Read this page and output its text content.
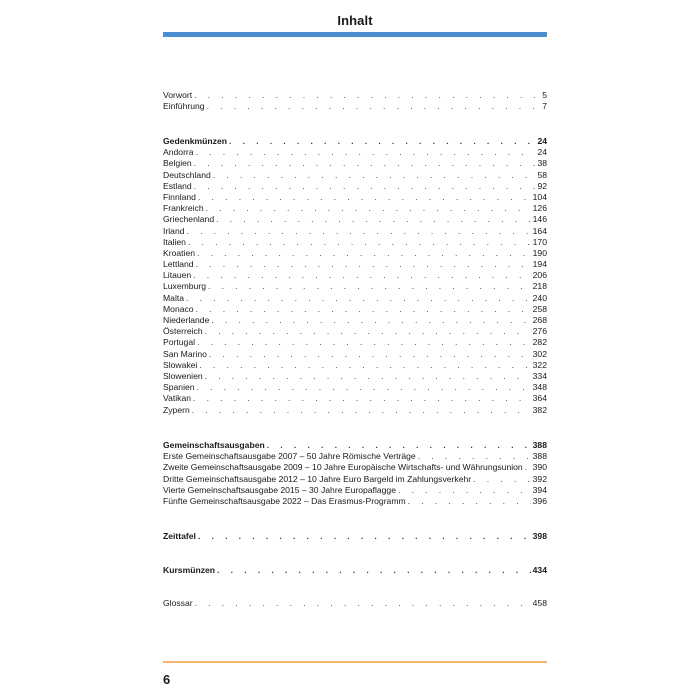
Inhalt
Vorwort . . .	5
Einführung . . .	7
Gedenkmünzen . . .	24
Andorra . . .	24
Belgien . . .	38
Deutschland . . .	58
Estland . . .	92
Finnland . . .	104
Frankreich . . .	126
Griechenland . . .	146
Irland . . .	164
Italien . . .	170
Kroatien . . .	190
Lettland . . .	194
Litauen . . .	206
Luxemburg . . .	218
Malta . . .	240
Monaco . . .	258
Niederlande . . .	268
Österreich . . .	276
Portugal . . .	282
San Marino . . .	302
Slowakei . . .	322
Slowenien . . .	334
Spanien . . .	348
Vatikan . . .	364
Zypern . . .	382
Gemeinschaftsausgaben . . .	388
Erste Gemeinschaftsausgabe 2007 – 50 Jahre Römische Verträge . . .	388
Zweite Gemeinschaftsausgabe 2009 – 10 Jahre Europäische Wirtschafts- und Währungsunion . . . 390
Dritte Gemeinschaftsausgabe 2012 – 10 Jahre Euro Bargeld im Zahlungsverkehr . . .	392
Vierte Gemeinschaftsausgabe 2015 – 30 Jahre Europaflagge . . .	394
Fünfte Gemeinschaftsausgabe 2022 – Das Erasmus-Programm . . .	396
Zeittafel . . .	398
Kursmünzen . . .	434
Glossar . . .	458
6
